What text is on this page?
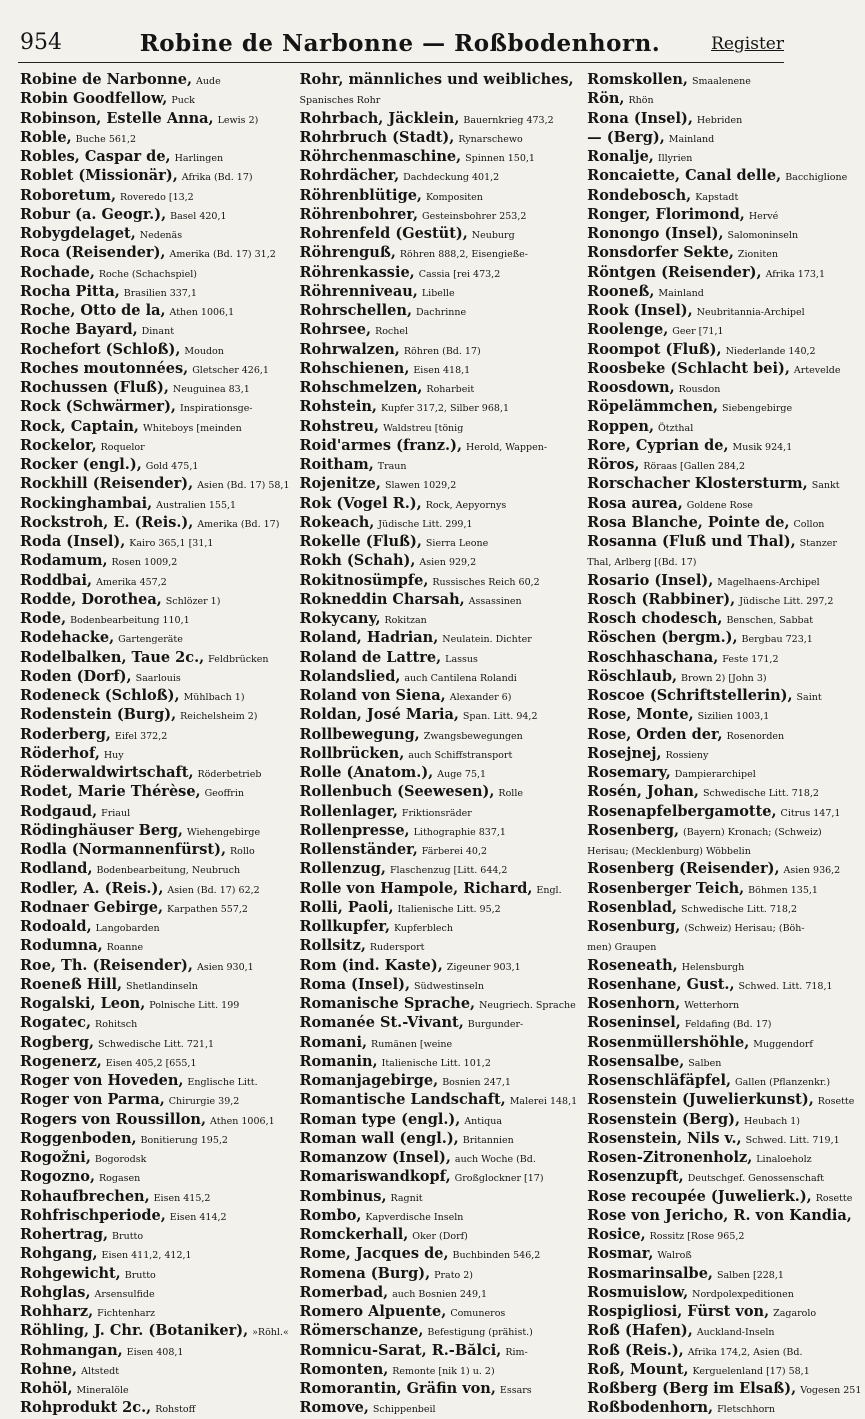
954	Robine de Narbonne — Roßbodenhorn.	Register
Robine de Narbonne, Aude
Robin Goodfellow, Puck
Robinson, Estelle Anna, Lewis 2)
Roble, Buche 561,2
Robles, Caspar de, Harlingen
Roblet (Missionär), Afrika (Bd. 17)
Roboretum, Roveredo [13,2
Robur (a. Geogr.), Basel 420,1
Robygdelaget, Nedenäs
Roca (Reisender), Amerika (Bd. 17) 31,2
Rochade, Roche (Schachspiel)
Rocha Pitta, Brasilien 337,1
Roche, Otto de la, Athen 1006,1
Roche Bayard, Dinant
Rochefort (Schloß), Moudon
Roches moutonnées, Gletscher 426,1
Rochussen (Fluß), Neuguinea 83,1
Rock (Schwärmer), Inspirationsge-
Rock, Captain, Whiteboys [meinden
Rockelor, Roquelor
Rocker (engl.), Gold 475,1
Rockhill (Reisender), Asien (Bd. 17) 58,1
Rockinghambai, Australien 155,1
Rockstroh, E. (Reis.), Amerika (Bd. 17)
Roda (Insel), Kairo 365,1 [31,1
Rodamum, Rosen 1009,2
Roddbai, Amerika 457,2
Rodde, Dorothea, Schlözer 1)
Rode, Bodenbearbeitung 110,1
Rodehacke, Gartengeräte
Rodelbalken, Taue 2c., Feldbrücken
Roden (Dorf), Saarlouis
Rodeneck (Schloß), Mühlbach 1)
Rodenstein (Burg), Reichelsheim 2)
Roderberg, Eifel 372,2
Röderhof, Huy
Röderwaldwirtschaft, Röderbetrieb
Rodet, Marie Thérèse, Geoffrin
Rodgaud, Friaul
Rödinghäuser Berg, Wiehengebirge
Rodla (Normannenfürst), Rollo
Rodland, Bodenbearbeitung, Neubruch
Rodler, A. (Reis.), Asien (Bd. 17) 62,2
Rodnaer Gebirge, Karpathen 557,2
Rodoald, Langobarden
Rodumna, Roanne
Roe, Th. (Reisender), Asien 930,1
Roeneß Hill, Shetlandinseln
Rogalski, Leon, Polnische Litt. 199
Rogatec, Rohitsch
Rogberg, Schwedische Litt. 721,1
Rogenerz, Eisen 405,2 [655,1
Roger von Hoveden, Englische Litt.
Roger von Parma, Chirurgie 39,2
Rogers von Roussillon, Athen 1006,1
Roggenboden, Bonitierung 195,2
Rogožni, Bogorodsk
Rogozno, Rogasen
Rohaufbrechen, Eisen 415,2
Rohfrischperiode, Eisen 414,2
Rohertrag, Brutto
Rohgang, Eisen 411,2, 412,1
Rohgewicht, Brutto
Rohglas, Arsensulfide
Rohharz, Fichtenharz
Röhling, J. Chr. (Botaniker), »Röhl.«
Rohmangan, Eisen 408,1
Rohne, Altstedt
Rohöl, Mineralöle
Rohprodukt 2c., Rohstoff
Rohr, männliches und weibliches,
Spanisches Rohr
Rohrbach, Jäcklein, Bauernkrieg 473,2
Rohrbruch (Stadt), Rynarschewo
Röhrchenmaschine, Spinnen 150,1
Rohrdächer, Dachdeckung 401,2
Röhrenblütige, Kompositen
Röhrenbohrer, Gesteinsbohrer 253,2
Rohrenfeld (Gestüt), Neuburg
Röhrenguß, Röhren 888,2, Eisengieße-
Röhrenkassie, Cassia [rei 473,2
Röhrenniveau, Libelle
Rohrschellen, Dachrinne
Rohrsee, Rochel
Rohrwalzen, Röhren (Bd. 17)
Rohschienen, Eisen 418,1
Rohschmelzen, Roharbeit
Rohstein, Kupfer 317,2, Silber 968,1
Rohstreu, Waldstreu [tönig
Roid'armes (franz.), Herold, Wappen-
Roitham, Traun
Rojenitze, Slawen 1029,2
Rok (Vogel R.), Rock, Aepyornys
Rokeach, Jüdische Litt. 299,1
Rokelle (Fluß), Sierra Leone
Rokh (Schah), Asien 929,2
Rokitnosümpfe, Russisches Reich 60,2
Rokneddin Charsah, Assassinen
Rokycany, Rokitzan
Roland, Hadrian, Neulatein. Dichter
Roland de Lattre, Lassus
Rolandslied, auch Cantilena Rolandi
Roland von Siena, Alexander 6)
Roldan, José Maria, Span. Litt. 94,2
Rollbewegung, Zwangsbewegungen
Rollbrücken, auch Schiffstransport
Rolle (Anatom.), Auge 75,1
Rollenbuch (Seewesen), Rolle
Rollenlager, Friktionsräder
Rollenpresse, Lithographie 837,1
Rollenständer, Färberei 40,2
Rollenzug, Flaschenzug [Litt. 644,2
Rolle von Hampole, Richard, Engl.
Rolli, Paoli, Italienische Litt. 95,2
Rollkupfer, Kupferblech
Rollsitz, Rudersport
Rom (ind. Kaste), Zigeuner 903,1
Roma (Insel), Südwestinseln
Romanische Sprache, Neugriech. Sprache
Romanée St.-Vivant, Burgunder-
Romani, Rumänen [weine
Romanin, Italienische Litt. 101,2
Romanjagebirge, Bosnien 247,1
Romantische Landschaft, Malerei 148,1
Roman type (engl.), Antiqua
Roman wall (engl.), Britannien
Romanzow (Insel), auch Woche (Bd.
Romariswandkopf, Großglockner [17)
Rombinus, Ragnit
Rombo, Kapverdische Inseln
Romckerhall, Oker (Dorf)
Rome, Jacques de, Buchbinden 546,2
Romena (Burg), Prato 2)
Romerbad, auch Bosnien 249,1
Romero Alpuente, Comuneros
Römerschanze, Befestigung (prähist.)
Romnicu-Sarat, R.-Bălci, Rim-
Romonten, Remonte [nik 1) u. 2)
Romorantin, Gräfin von, Essars
Romove, Schippenbeil
Romskollen, Smaalenene
Rön, Rhön
Rona (Insel), Hebriden
— (Berg), Mainland
Ronalje, Illyrien
Roncaiette, Canal delle, Bacchiglione
Rondebosch, Kapstadt
Ronger, Florimond, Hervé
Ronongo (Insel), Salomoninseln
Ronsdorfer Sekte, Zioniten
Röntgen (Reisender), Afrika 173,1
Rooneß, Mainland
Rook (Insel), Neubritannia-Archipel
Roolenge, Geer [71,1
Roompot (Fluß), Niederlande 140,2
Roosbeke (Schlacht bei), Artevelde
Roosdown, Rousdon
Röpelämmchen, Siebengebirge
Roppen, Ötzthal
Rore, Cyprian de, Musik 924,1
Röros, Röraas [Gallen 284,2
Rorschacher Klostersturm, Sankt
Rosa aurea, Goldene Rose
Rosa Blanche, Pointe de, Collon
Rosanna (Fluß und Thal), Stanzer
Thal, Arlberg [(Bd. 17)
Rosario (Insel), Magelhaens-Archipel
Rosch (Rabbiner), Jüdische Litt. 297,2
Rosch chodesch, Benschen, Sabbat
Röschen (bergm.), Bergbau 723,1
Roschhaschana, Feste 171,2
Röschlaub, Brown 2) [John 3)
Roscoe (Schriftstellerin), Saint
Rose, Monte, Sizilien 1003,1
Rose, Orden der, Rosenorden
Rosejnej, Rossieny
Rosemary, Dampierarchipel
Rosén, Johan, Schwedische Litt. 718,2
Rosenapfelbergamotte, Citrus 147,1
Rosenberg, (Bayern) Kronach; (Schweiz)
Herisau; (Mecklenburg) Wöbbelin
Rosenberg (Reisender), Asien 936,2
Rosenberger Teich, Böhmen 135,1
Rosenblad, Schwedische Litt. 718,2
Rosenburg, (Schweiz) Herisau; (Böh-
men) Graupen
Roseneath, Helensburgh
Rosenhane, Gust., Schwed. Litt. 718,1
Rosenhorn, Wetterhorn
Roseninsel, Feldafing (Bd. 17)
Rosenmüllershöhle, Muggendorf
Rosensalbe, Salben
Rosenschläfäpfel, Gallen (Pflanzenkr.)
Rosenstein (Juwelierkunst), Rosette
Rosenstein (Berg), Heubach 1)
Rosenstein, Nils v., Schwed. Litt. 719,1
Rosen-Zitronenholz, Linaloeholz
Rosenzupft, Deutschgef. Genossenschaft
Rose recoupée (Juwelierk.), Rosette
Rose von Jericho, R. von Kandia,
Rosice, Rossitz [Rose 965,2
Rosmar, Walroß
Rosmarinsalbe, Salben [228,1
Rosmuislow, Nordpolexpeditionen
Rospigliosi, Fürst von, Zagarolo
Roß (Hafen), Auckland-Inseln
Roß (Reis.), Afrika 174,2, Asien (Bd.
Roß, Mount, Kerguelenland [17) 58,1
Roßberg (Berg im Elsaß), Vogesen 251
Roßbodenhorn, Fletschhorn
